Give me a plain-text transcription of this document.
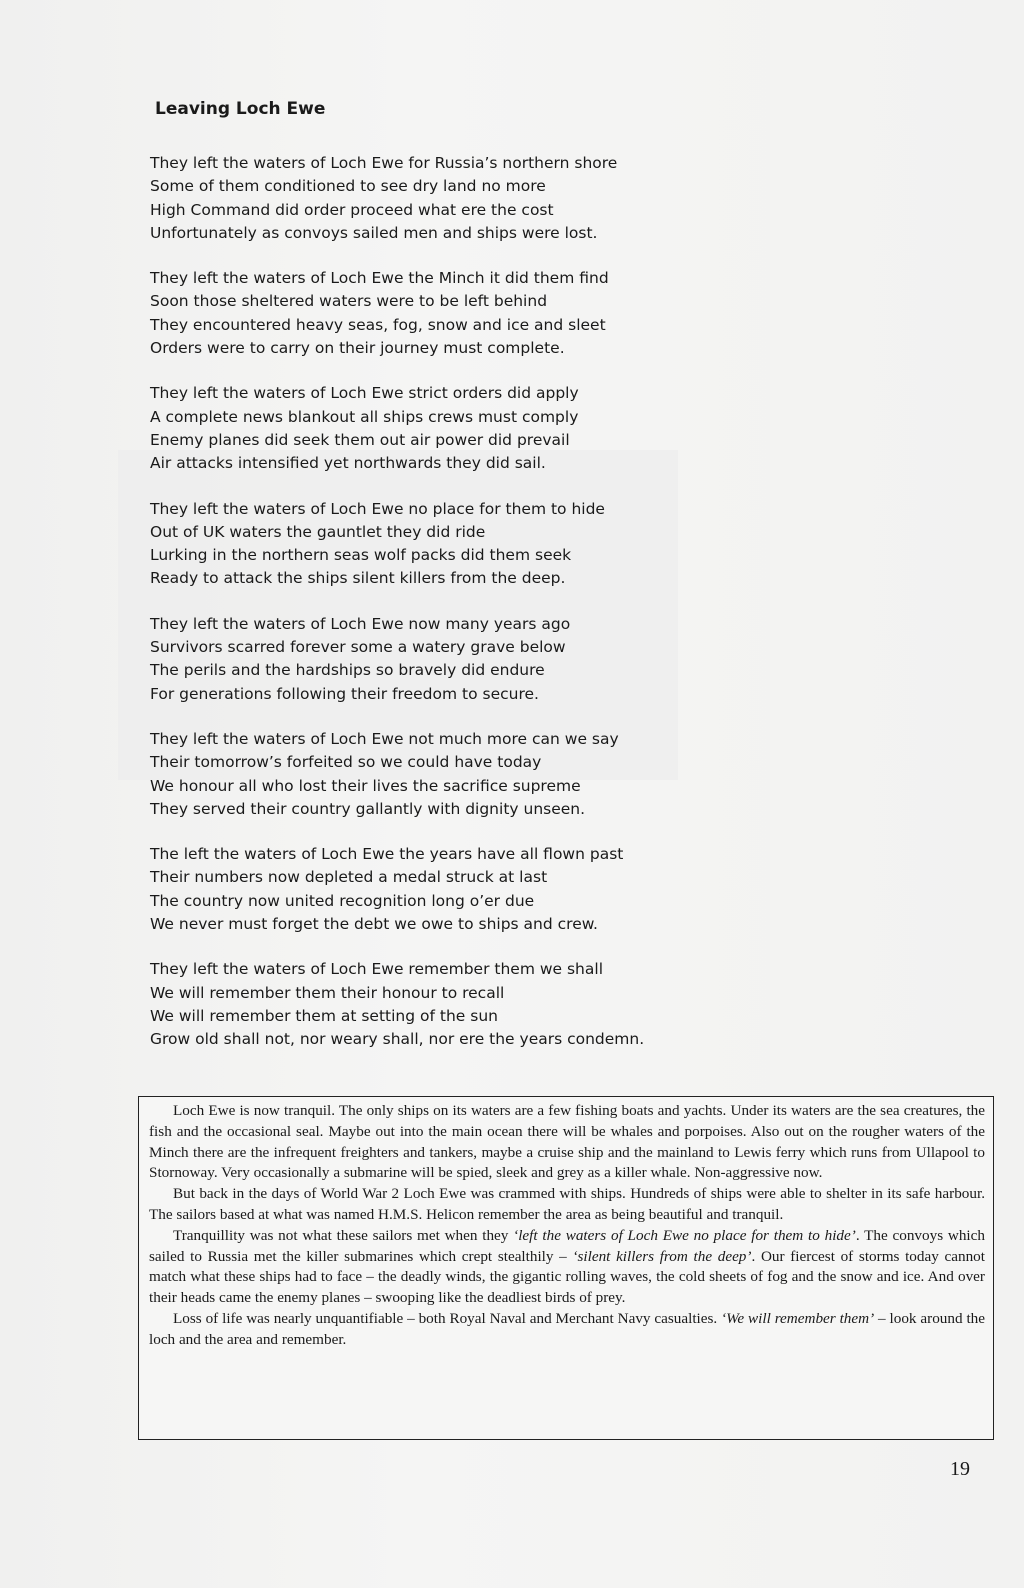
Leaving Loch Ewe
They left the waters of Loch Ewe for Russia’s northern shore
Some of them conditioned to see dry land no more
High Command did order proceed what ere the cost
Unfortunately as convoys sailed men and ships were lost.
They left the waters of Loch Ewe the Minch it did them find
Soon those sheltered waters were to be left behind
They encountered heavy seas, fog, snow and ice and sleet
Orders were to carry on their journey must complete.
They left the waters of Loch Ewe strict orders did apply
A complete news blankout all ships crews must comply
Enemy planes did seek them out air power did prevail
Air attacks intensified yet northwards they did sail.
They left the waters of Loch Ewe no place for them to hide
Out of UK waters the gauntlet they did ride
Lurking in the northern seas wolf packs did them seek
Ready to attack the ships silent killers from the deep.
They left the waters of Loch Ewe now many years ago
Survivors scarred forever some a watery grave below
The perils and the hardships so bravely did endure
For generations following their freedom to secure.
They left the waters of Loch Ewe not much more can we say
Their tomorrow’s forfeited so we could have today
We honour all who lost their lives the sacrifice supreme
They served their country gallantly with dignity unseen.
The left the waters of Loch Ewe the years have all flown past
Their numbers now depleted a medal struck at last
The country now united recognition long o’er due
We never must forget the debt we owe to ships and crew.
They left the waters of Loch Ewe remember them we shall
We will remember them their honour to recall
We will remember them at setting of the sun
Grow old shall not, nor weary shall, nor ere the years condemn.

Loch Ewe is now tranquil. The only ships on its waters are a few fishing boats and yachts. Under its waters are the sea creatures, the fish and the occasional seal. Maybe out into the main ocean there will be whales and porpoises. Also out on the rougher waters of the Minch there are the infrequent freighters and tankers, maybe a cruise ship and the mainland to Lewis ferry which runs from Ullapool to Stornoway. Very occasionally a submarine will be spied, sleek and grey as a killer whale. Non-aggressive now.

But back in the days of World War 2 Loch Ewe was crammed with ships. Hundreds of ships were able to shelter in its safe harbour. The sailors based at what was named H.M.S. Helicon remember the area as being beautiful and tranquil.

Tranquillity was not what these sailors met when they ‘left the waters of Loch Ewe no place for them to hide’. The convoys which sailed to Russia met the killer submarines which crept stealthily – ‘silent killers from the deep’. Our fiercest of storms today cannot match what these ships had to face – the deadly winds, the gigantic rolling waves, the cold sheets of fog and the snow and ice. And over their heads came the enemy planes – swooping like the deadliest birds of prey.

Loss of life was nearly unquantifiable – both Royal Naval and Merchant Navy casualties. ‘We will remember them’ – look around the loch and the area and remember.

19
